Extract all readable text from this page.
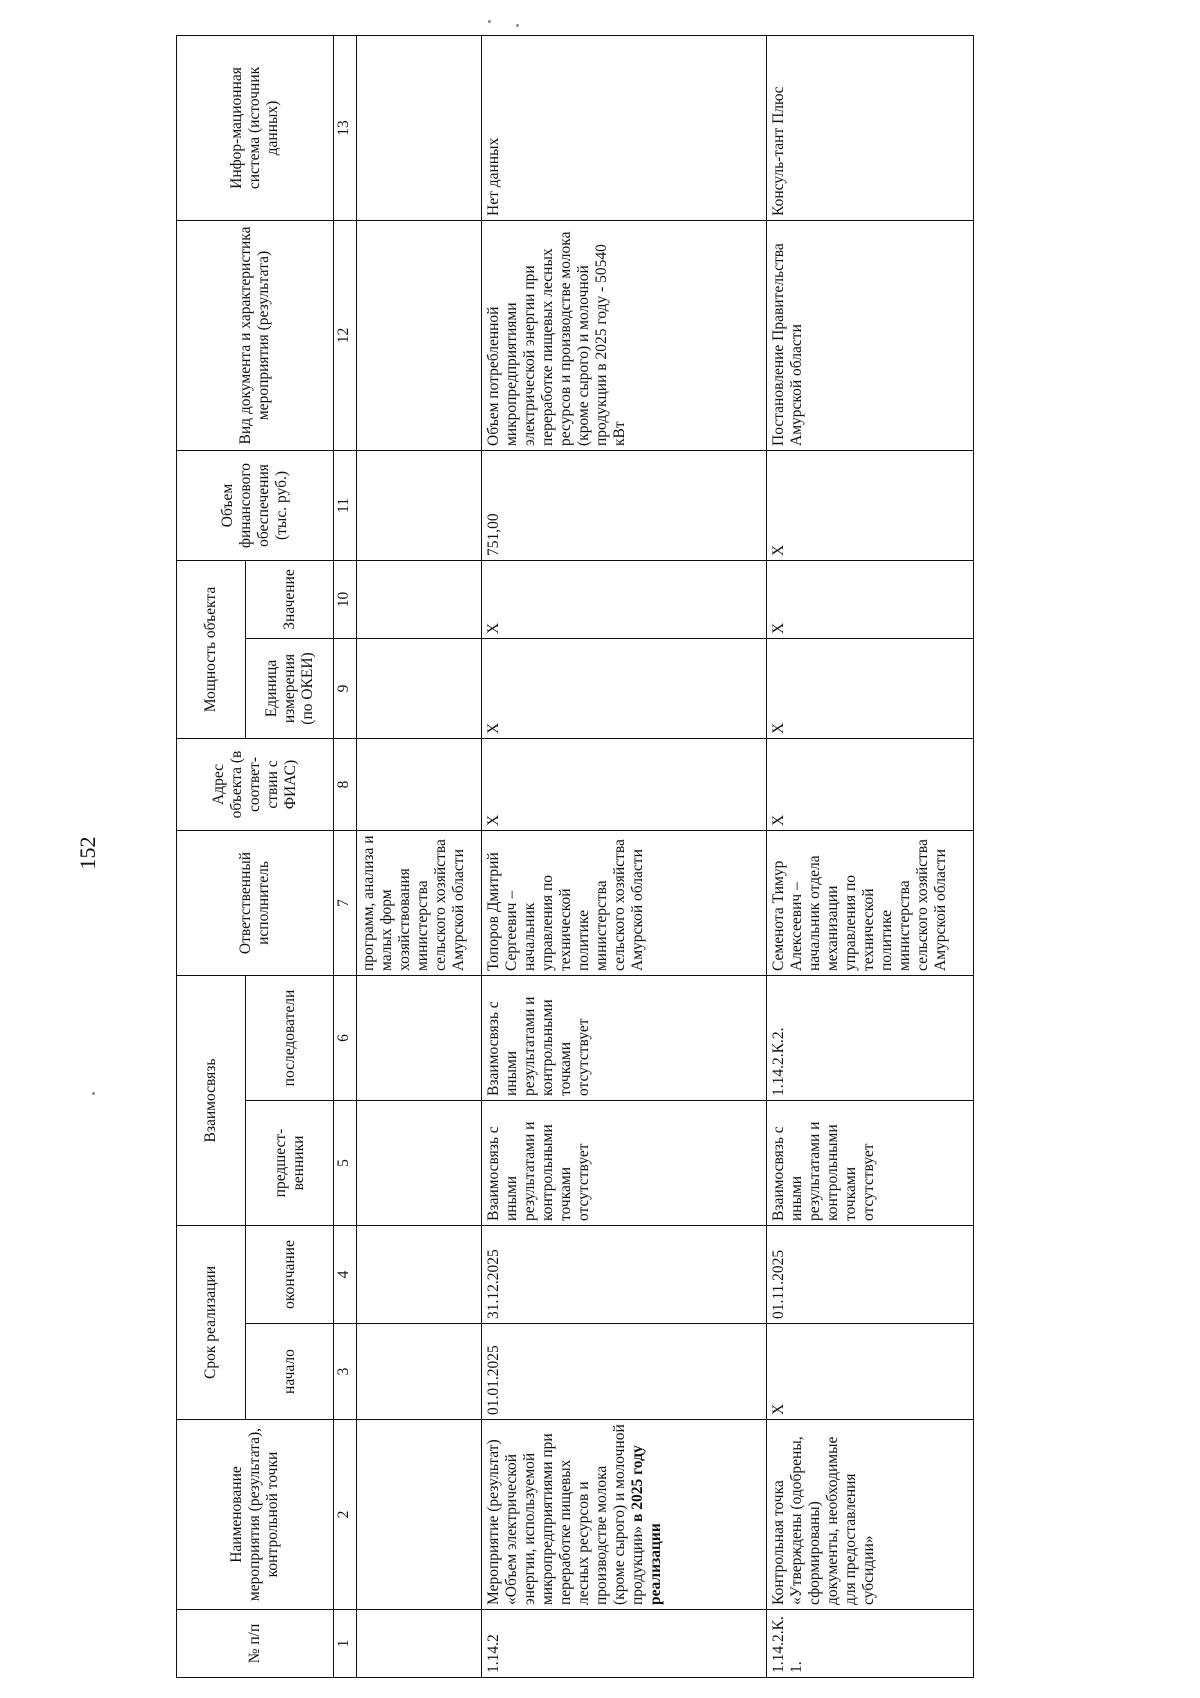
152
№ п/п	Наименование мероприятия (результата), контрольной точки	Срок реализации		Взаимосвязь		Ответственный исполнитель	Адрес объекта (в соответ-ствии с ФИАС)	Мощность объекта		Объем финансового обеспечения (тыс. руб.)	Вид документа и характеристика мероприятия (результата)	Инфор-мационная система (источник данных)
		начало	окончание	предшест-венники	последователи			Единица измерения (по ОКЕИ)	Значение			
1	2	3	4	5	6	7	8	9	10	11	12	13
						программ, анализа и малых форм хозяйствования министерства сельского хозяйства Амурской области						
1.14.2	Мероприятие (результат) «Объем электрической энергии, используемой микропредприятиями при переработке пищевых лесных ресурсов и производстве молока (кроме сырого) и молочной продукции» в 2025 году реализации	01.01.2025	31.12.2025	Взаимосвязь с иными результатами и контрольными точками отсутствует	Взаимосвязь с иными результатами и контрольными точками отсутствует	Топоров Дмитрий Сергеевич – начальник управления по технической политике министерства сельского хозяйства Амурской области	X	X	X	751,00	Объем потребленной микропредприятиями электрической энергии при переработке пищевых лесных ресурсов и производстве молока (кроме сырого) и молочной продукции в 2025 году - 50540 кВт	Нет данных
1.14.2.К.1.	Контрольная точка «Утверждены (одобрены, сформированы) документы, необходимые для предоставления субсидии»	X	01.11.2025	Взаимосвязь с иными результатами и контрольными точками отсутствует	1.14.2.К.2.	Семенота Тимур Алексеевич – начальник отдела механизации управления по технической политике министерства сельского хозяйства Амурской области	X	X	X	X	Постановление Правительства Амурской области	Консуль-тант Плюс
